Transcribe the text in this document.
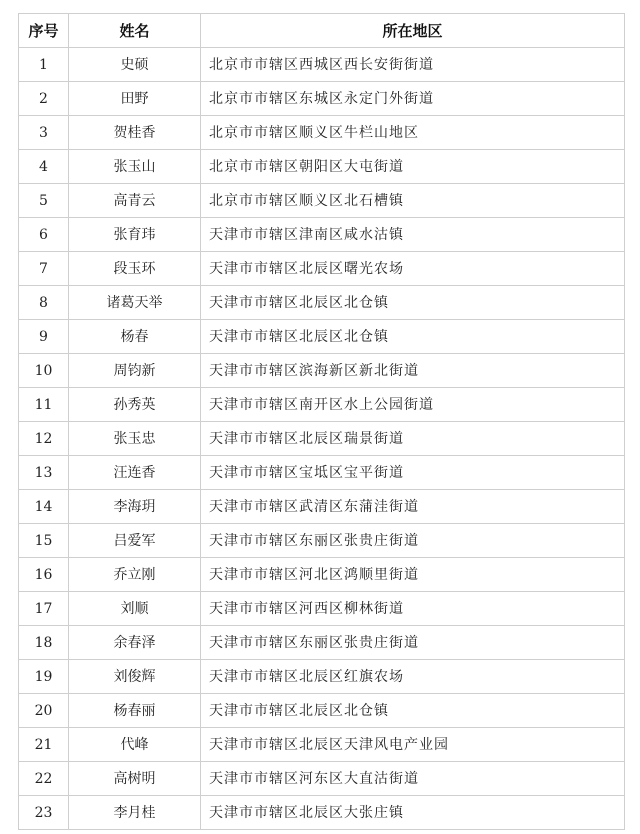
序号	姓名	所在地区
1	史硕	北京市市辖区西城区西长安街街道
2	田野	北京市市辖区东城区永定门外街道
3	贺桂香	北京市市辖区顺义区牛栏山地区
4	张玉山	北京市市辖区朝阳区大屯街道
5	高青云	北京市市辖区顺义区北石槽镇
6	张育玮	天津市市辖区津南区咸水沽镇
7	段玉环	天津市市辖区北辰区曙光农场
8	诸葛天举	天津市市辖区北辰区北仓镇
9	杨春	天津市市辖区北辰区北仓镇
10	周钧新	天津市市辖区滨海新区新北街道
11	孙秀英	天津市市辖区南开区水上公园街道
12	张玉忠	天津市市辖区北辰区瑞景街道
13	汪连香	天津市市辖区宝坻区宝平街道
14	李海玥	天津市市辖区武清区东蒲洼街道
15	吕爱军	天津市市辖区东丽区张贵庄街道
16	乔立刚	天津市市辖区河北区鸿顺里街道
17	刘顺	天津市市辖区河西区柳林街道
18	余春泽	天津市市辖区东丽区张贵庄街道
19	刘俊辉	天津市市辖区北辰区红旗农场
20	杨春丽	天津市市辖区北辰区北仓镇
21	代峰	天津市市辖区北辰区天津风电产业园
22	高树明	天津市市辖区河东区大直沽街道
23	李月桂	天津市市辖区北辰区大张庄镇
